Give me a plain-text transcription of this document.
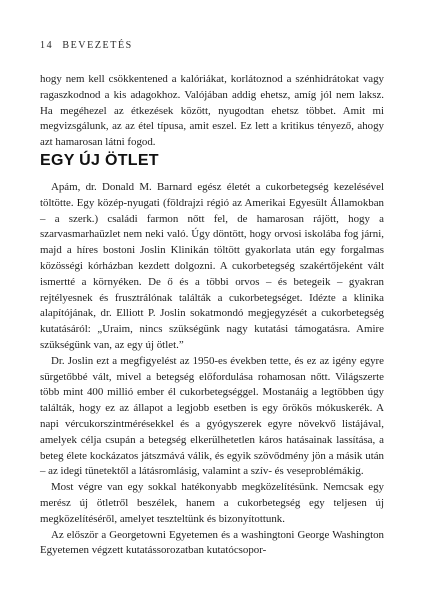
14 BEVEZETÉS

hogy nem kell csökkentened a kalóriákat, korlátoznod a szénhidrátokat vagy ragaszkodnod a kis adagokhoz. Valójában addig ehetsz, amíg jól nem laksz. Ha megéhezel az étkezések között, nyugodtan ehetsz többet. Amit mi megvizsgálunk, az az étel típusa, amit eszel. Ez lett a kritikus tényező, ahogy azt hamarosan látni fogod.

EGY ÚJ ÖTLET

Apám, dr. Donald M. Barnard egész életét a cukorbetegség kezelésével töltötte. Egy közép-nyugati (földrajzi régió az Amerikai Egyesült Államokban – a szerk.) családi farmon nőtt fel, de hamarosan rájött, hogy a szarvasmarhaüzlet nem neki való. Úgy döntött, hogy orvosi iskolába fog járni, majd a híres bostoni Joslin Klinikán töltött gyakorlata után egy forgalmas közösségi kórházban kezdett dolgozni. A cukorbetegség szakértőjeként vált ismertté a környéken. De ő és a többi orvos – és betegeik – gyakran rejtélyesnek és frusztrálónak találták a cukorbetegséget. Idézte a klinika alapítójának, dr. Elliott P. Joslin sokatmondó megjegyzését a cukorbetegség kutatásáról: „Uraim, nincs szükségünk nagy kutatási támogatásra. Amire szükségünk van, az egy új ötlet.”

Dr. Joslin ezt a megfigyelést az 1950-es években tette, és ez az igény egyre sürgetőbbé vált, mivel a betegség előfordulása rohamosan nőtt. Világszerte több mint 400 millió ember él cukorbetegséggel. Mostanáig a legtöbben úgy találták, hogy ez az állapot a legjobb esetben is egy örökös mókuskerék. A napi vércukorszintmérésekkel és a gyógyszerek egyre növekvő listájával, amelyek célja csupán a betegség elkerülhetetlen káros hatásainak lassítása, a beteg élete kockázatos játszmává válik, és egyik szövődmény jön a másik után – az idegi tünetektől a látásromlásig, valamint a szív- és veseproblémákig.

Most végre van egy sokkal hatékonyabb megközelítésünk. Nemcsak egy merész új ötletről beszélek, hanem a cukorbetegség egy teljesen új megközelítéséről, amelyet teszteltünk és bizonyítottunk.

Az először a Georgetowni Egyetemen és a washingtoni George Washington Egyetemen végzett kutatássorozatban kutatócsopor-
